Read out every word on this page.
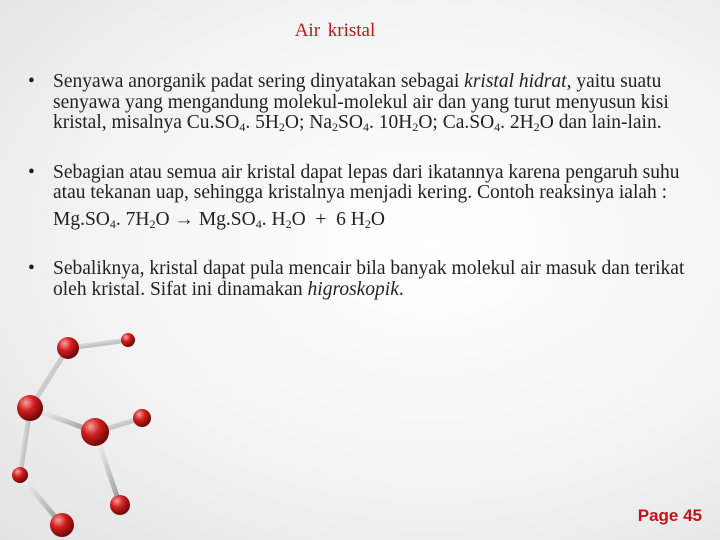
Air kristal
• Senyawa anorganik padat sering dinyatakan sebagai kristal hidrat, yaitu suatu senyawa yang mengandung molekul-molekul air dan yang turut menyusun kisi kristal, misalnya $Cu.SO_4$. $5H_2O$; $Na_2SO_4$. $10H_2O$; $Ca.SO_4$. $2H_2O$ dan lain-lain.
• Sebagian atau semua air kristal dapat lepas dari ikatannya karena pengaruh suhu atau tekanan uap, sehingga kristalnya menjadi kering. Contoh reaksinya ialah :
$Mg.SO_4$. $7H_2O \to Mg.SO_4$. $H_2O + 6$ $H_2O$
• Sebaliknya, kristal dapat pula mencair bila banyak molekul air masuk dan terikat oleh kristal. Sifat ini dinamakan higroskopik.
Page 45
